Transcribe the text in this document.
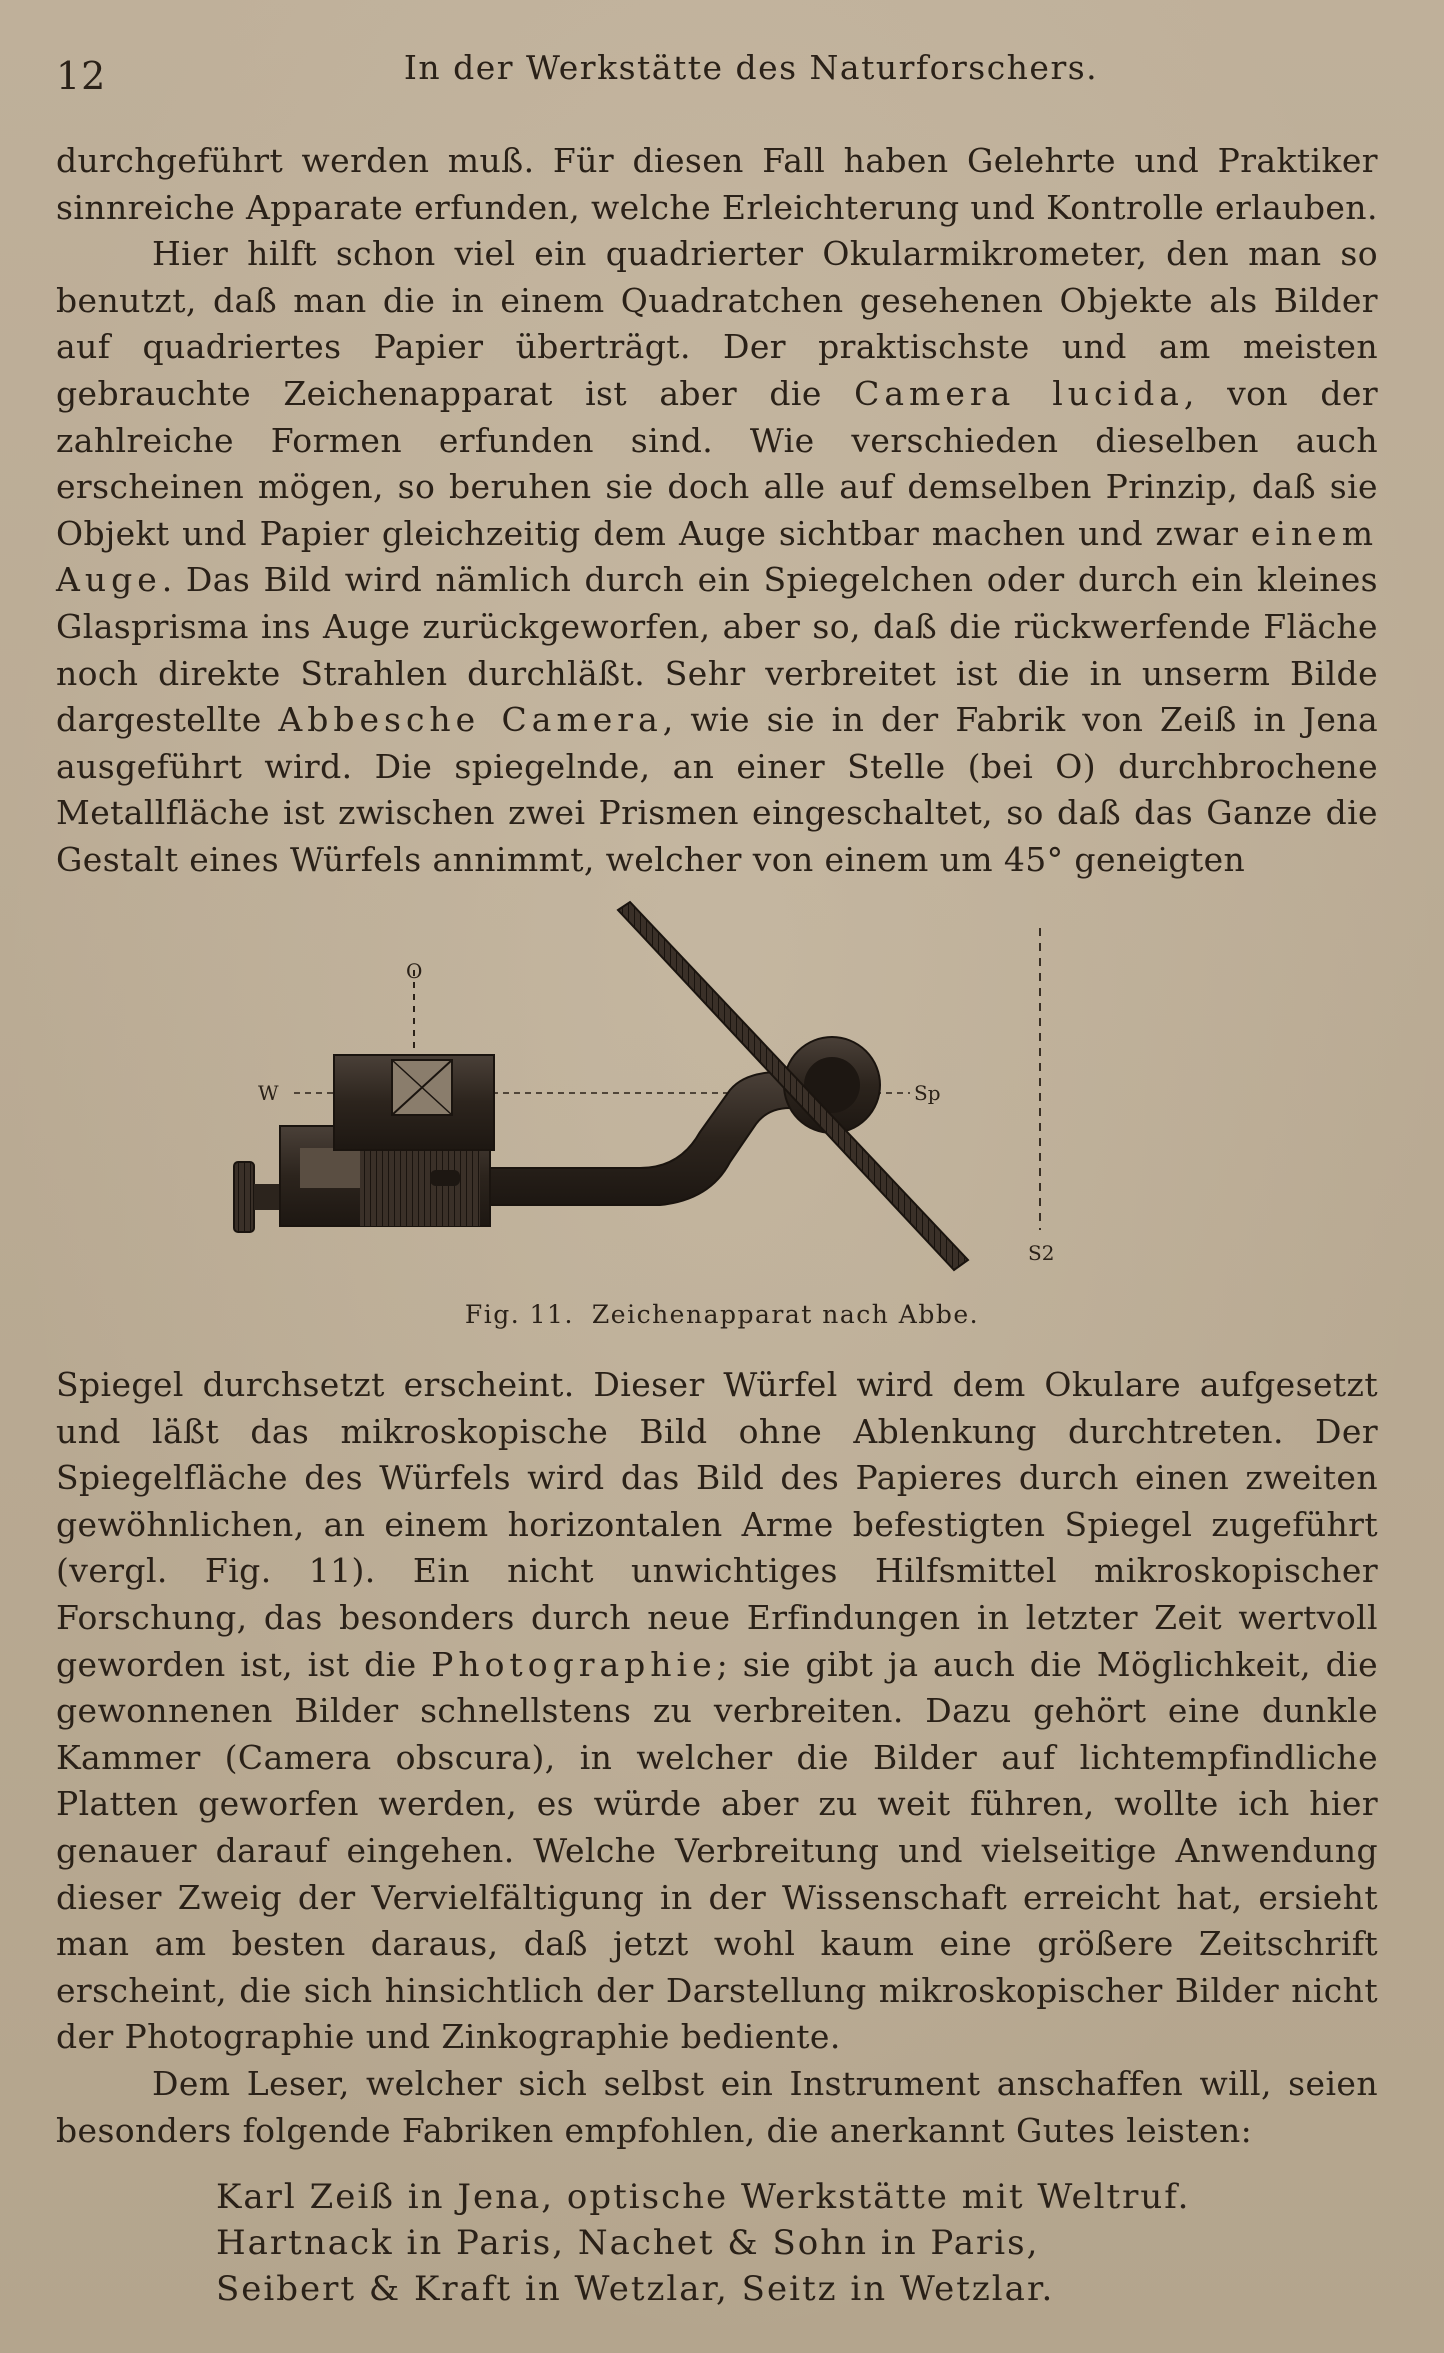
12	In der Werkstätte des Naturforschers.

durchgeführt werden muß. Für diesen Fall haben Gelehrte und Praktiker sinnreiche Apparate erfunden, welche Erleichterung und Kontrolle erlauben.

Hier hilft schon viel ein quadrierter Okularmikrometer, den man so benutzt, daß man die in einem Quadratchen gesehenen Objekte als Bilder auf quadriertes Papier überträgt. Der praktischste und am meisten gebrauchte Zeichenapparat ist aber die Camera lucida, von der zahlreiche Formen erfunden sind. Wie verschieden dieselben auch erscheinen mögen, so beruhen sie doch alle auf demselben Prinzip, daß sie Objekt und Papier gleichzeitig dem Auge sichtbar machen und zwar einem Auge. Das Bild wird nämlich durch ein Spiegelchen oder durch ein kleines Glasprisma ins Auge zurückgeworfen, aber so, daß die rückwerfende Fläche noch direkte Strahlen durchläßt. Sehr verbreitet ist die in unserm Bilde dargestellte Abbesche Camera, wie sie in der Fabrik von Zeiß in Jena ausgeführt wird. Die spiegelnde, an einer Stelle (bei O) durchbrochene Metallfläche ist zwischen zwei Prismen eingeschaltet, so daß das Ganze die Gestalt eines Würfels annimmt, welcher von einem um 45° geneigten

O
W	Sp
S2
Fig. 11. Zeichenapparat nach Abbe.

Spiegel durchsetzt erscheint. Dieser Würfel wird dem Okulare aufgesetzt und läßt das mikroskopische Bild ohne Ablenkung durchtreten. Der Spiegelfläche des Würfels wird das Bild des Papieres durch einen zweiten gewöhnlichen, an einem horizontalen Arme befestigten Spiegel zugeführt (vergl. Fig. 11). Ein nicht unwichtiges Hilfsmittel mikroskopischer Forschung, das besonders durch neue Erfindungen in letzter Zeit wertvoll geworden ist, ist die Photographie; sie gibt ja auch die Möglichkeit, die gewonnenen Bilder schnellstens zu verbreiten. Dazu gehört eine dunkle Kammer (Camera obscura), in welcher die Bilder auf lichtempfindliche Platten geworfen werden, es würde aber zu weit führen, wollte ich hier genauer darauf eingehen. Welche Verbreitung und vielseitige Anwendung dieser Zweig der Vervielfältigung in der Wissenschaft erreicht hat, ersieht man am besten daraus, daß jetzt wohl kaum eine größere Zeitschrift erscheint, die sich hinsichtlich der Darstellung mikroskopischer Bilder nicht der Photographie und Zinkographie bediente.

Dem Leser, welcher sich selbst ein Instrument anschaffen will, seien besonders folgende Fabriken empfohlen, die anerkannt Gutes leisten:

Karl Zeiß in Jena, optische Werkstätte mit Weltruf.
Hartnack in Paris, Nachet & Sohn in Paris,
Seibert & Kraft in Wetzlar, Seitz in Wetzlar.
